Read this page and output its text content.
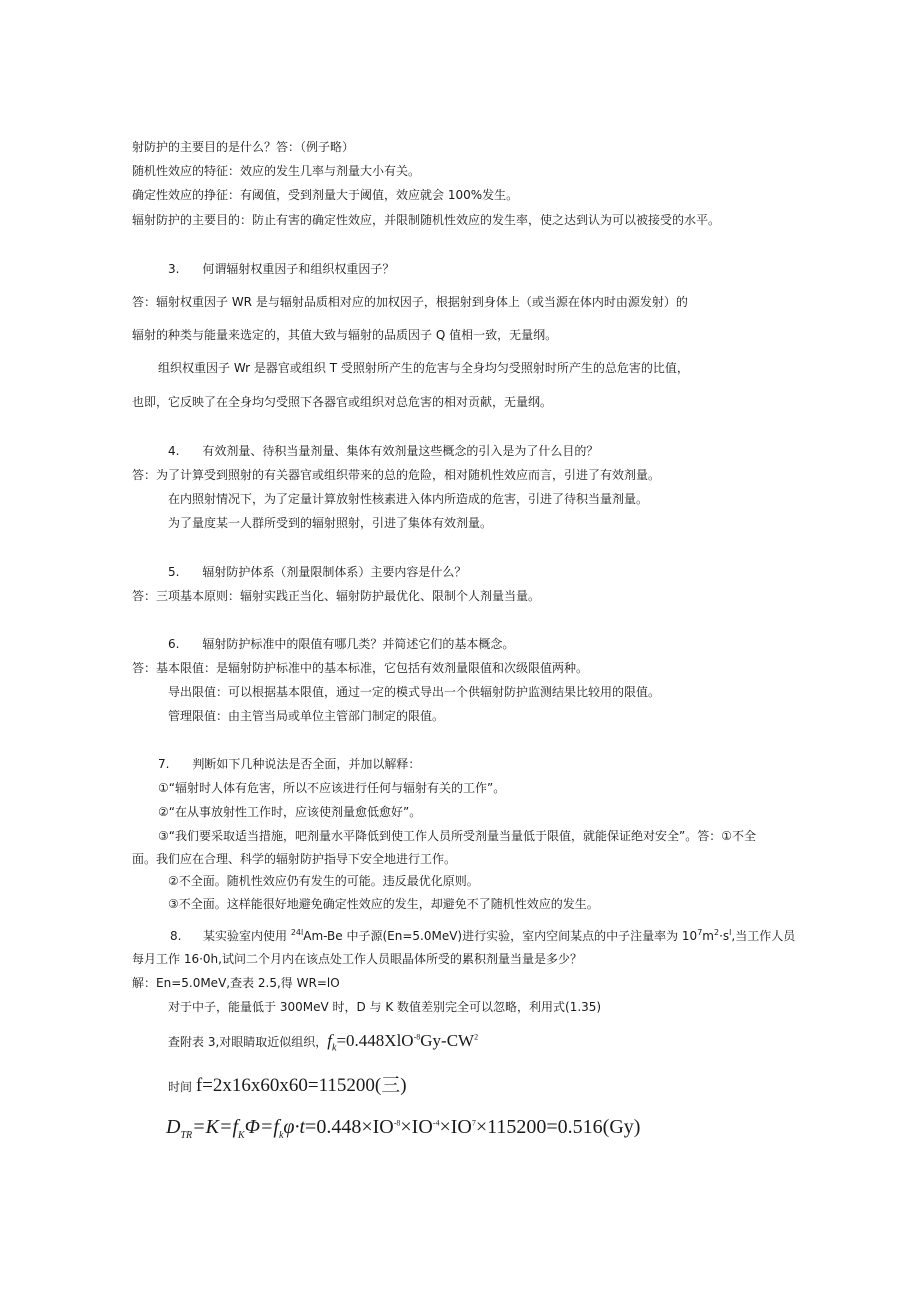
射防护的主要目的是什么？答：（例子略）
随机性效应的特征：效应的发生几率与剂量大小有关。
确定性效应的挣征：有阈值，受到剂量大于阈值，效应就会 100%发生。
辐射防护的主要目的：防止有害的确定性效应，并限制随机性效应的发生率，使之达到认为可以被接受的水平。
3.      何谓辐射权重因子和组织权重因子？
答：辐射权重因子 WR 是与辐射品质相对应的加权因子，根据射到身体上（或当源在体内时由源发射）的
辐射的种类与能量来选定的，其值大致与辐射的品质因子 Q 值相一致，无量纲。
组织权重因子 Wr 是器官或组织 T 受照射所产生的危害与全身均匀受照射时所产生的总危害的比值，
也即，它反映了在全身均匀受照下各器官或组织对总危害的相对贡献，无量纲。
4.      有效剂量、待积当量剂量、集体有效剂量这些概念的引入是为了什么目的？
答：为了计算受到照射的有关器官或组织带来的总的危险，相对随机性效应而言，引进了有效剂量。
在内照射情况下，为了定量计算放射性核素进入体内所造成的危害，引进了待积当量剂量。
为了量度某一人群所受到的辐射照射，引进了集体有效剂量。
5.      辐射防护体系（剂量限制体系）主要内容是什么？
答：三项基本原则：辐射实践正当化、辐射防护最优化、限制个人剂量当量。
6.      辐射防护标准中的限值有哪几类？并简述它们的基本概念。
答：基本限值：是辐射防护标准中的基本标准，它包括有效剂量限值和次级限值两种。
导出限值：可以根据基本限值，通过一定的模式导出一个供辐射防护监测结果比较用的限值。
管理限值：由主管当局或单位主管部门制定的限值。
7.      判断如下几种说法是否全面，并加以解释：
①“辐射时人体有危害，所以不应该进行任何与辐射有关的工作”。
②“在从事放射性工作时，应该使剂量愈低愈好”。
③“我们要采取适当措施，吧剂量水平降低到使工作人员所受剂量当量低于限值，就能保证绝对安全”。答：①不全
面。我们应在合理、科学的辐射防护指导下安全地进行工作。
②不全面。随机性效应仍有发生的可能。违反最优化原则。
③不全面。这样能很好地避免确定性效应的发生，却避免不了随机性效应的发生。
8. 某实验室内使用 $^{24l}$Am-Be 中子源(En=5.0MeV)进行实验，室内空间某点的中子注量率为 $10^7m^2\cdot s^l$,当工作人员
每月工作 16·0h,试问二个月内在该点处工作人员眼晶体所受的累积剂量当量是多少？
解：En=5.0MeV,查表 2.5,得 WR=lO
对于中子，能量低于 300MeV 时，D 与 K 数值差别完全可以忽略，利用式(1.35)
查附表 3,对眼睛取近似组织，$f_k=0.448XlO^{-8}Gy-CW^2$
时间 f=2x16x60x60=115200(三)
$D_{TR}=K=f_K\Phi=f_k\varphi\cdot t=0.448\times IO^{-8}\times IO^{-4}\times IO^7\times 115200=0.516(Gy)$
